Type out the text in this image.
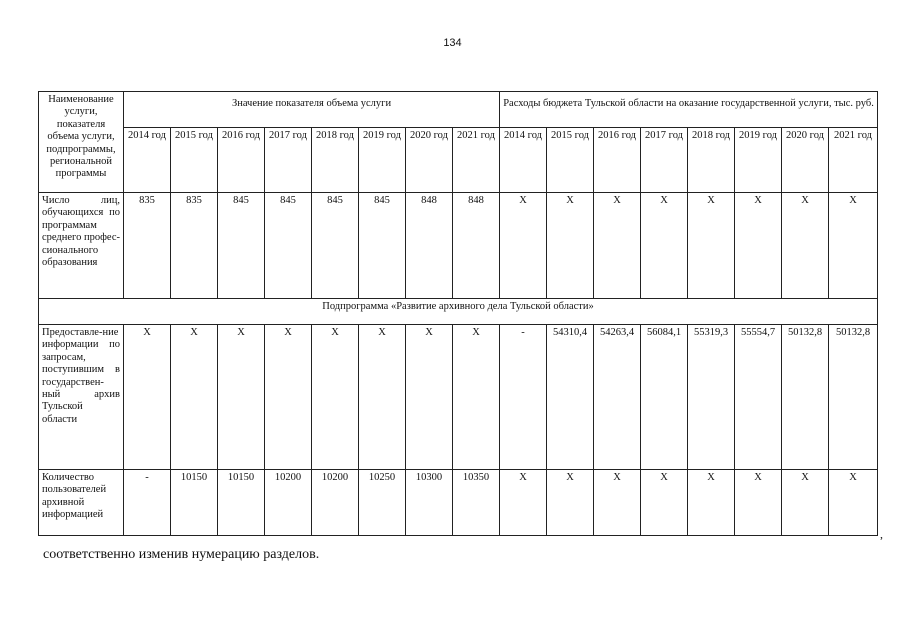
134
Наименование услуги, показателя объема услуги, подпрограммы, региональной программы	Значение показателя объема услуги								Расходы бюджета Тульской области на оказание государственной услуги, тыс. руб.							
	2014 год	2015 год	2016 год	2017 год	2018 год	2019 год	2020 год	2021 год	2014 год	2015 год	2016 год	2017 год	2018 год	2019 год	2020 год	2021 год
Число лиц, обучающихся по программам среднего профес-сионального образования	835	835	845	845	845	845	848	848	X	X	X	X	X	X	X	X
Подпрограмма «Развитие архивного дела Тульской области»																
Предоставле-ние информации по запросам, поступившим в государствен-ный архив Тульской области	X	X	X	X	X	X	X	X	-	54310,4	54263,4	56084,1	55319,3	55554,7	50132,8	50132,8
Количество пользователей архивной информацией	-	10150	10150	10200	10200	10250	10300	10350	X	X	X	X	X	X	X	X
,
соответственно изменив нумерацию разделов.
